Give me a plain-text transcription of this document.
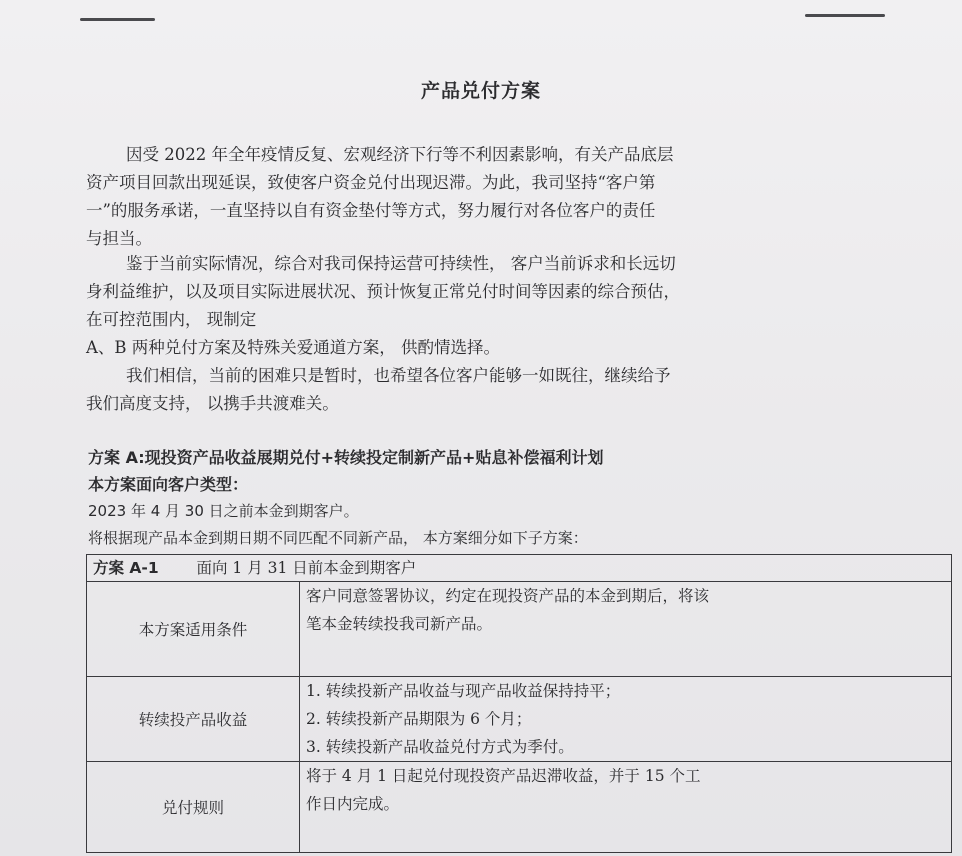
产品兑付方案
因受 2022 年全年疫情反复、宏观经济下行等不利因素影响，有关产品底层
资产项目回款出现延误，致使客户资金兑付出现迟滞。为此，我司坚持“客户第
一”的服务承诺，一直坚持以自有资金垫付等方式，努力履行对各位客户的责任
与担当。
鉴于当前实际情况，综合对我司保持运营可持续性， 客户当前诉求和长远切
身利益维护，以及项目实际进展状况、预计恢复正常兑付时间等因素的综合预估，
在可控范围内， 现制定
A、B 两种兑付方案及特殊关爱通道方案， 供酌情选择。
我们相信，当前的困难只是暂时，也希望各位客户能够一如既往，继续给予
我们高度支持， 以携手共渡难关。
方案 A:现投资产品收益展期兑付+转续投定制新产品+贴息补偿福利计划
本方案面向客户类型：
2023 年 4 月 30 日之前本金到期客户。
将根据现产品本金到期日期不同匹配不同新产品， 本方案细分如下子方案：
方案 A-1 面向 1 月 31 日前本金到期客户	
本方案适用条件	客户同意签署协议，约定在现投资产品的本金到期后，将该
笔本金转续投我司新产品。

转续投产品收益	1. 转续投新产品收益与现产品收益保持持平；
2. 转续投新产品期限为 6 个月；
3. 转续投新产品收益兑付方式为季付。

兑付规则	将于 4 月 1 日起兑付现投资产品迟滞收益，并于 15 个工
作日内完成。
